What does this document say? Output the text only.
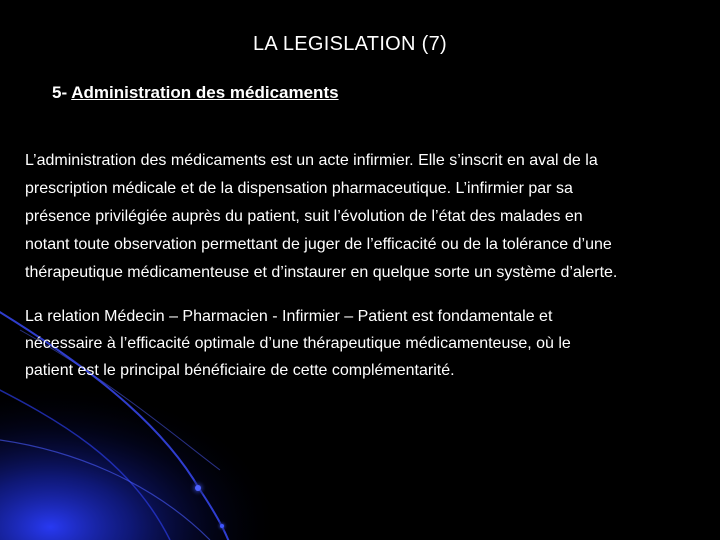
LA LEGISLATION (7)
5- Administration des médicaments

L’administration des médicaments est un acte infirmier. Elle s’inscrit en aval de la
prescription médicale et de la dispensation pharmaceutique. L’infirmier par sa
présence privilégiée auprès du patient, suit l’évolution de l’état des malades en
notant toute observation permettant de juger de l’efficacité ou de la tolérance d’une
thérapeutique médicamenteuse et d’instaurer en quelque sorte un système d’alerte.

La relation Médecin – Pharmacien - Infirmier – Patient est fondamentale et
nécessaire à l’efficacité optimale d’une thérapeutique médicamenteuse, où le
patient est le principal bénéficiaire de cette complémentarité.
